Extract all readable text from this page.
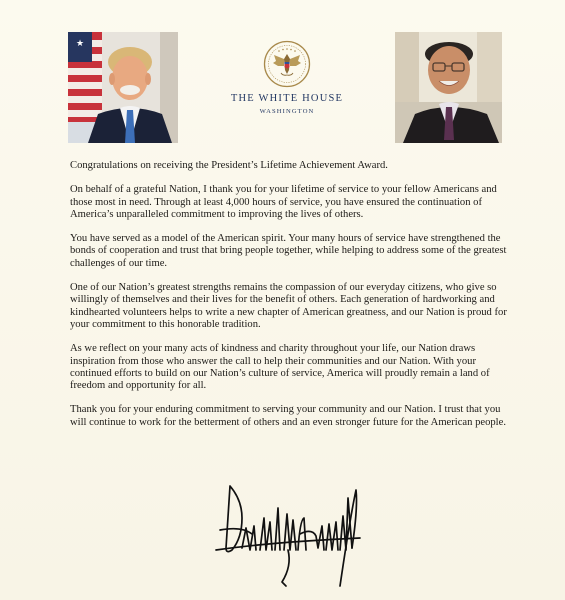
★
THE WHITE HOUSE
WASHINGTON

Congratulations on receiving the President’s Lifetime Achievement Award.

On behalf of a grateful Nation, I thank you for your lifetime of service to your fellow Americans and those most in need. Through at least 4,000 hours of service, you have ensured the continuation of America’s unparalleled commitment to improving the lives of others.

You have served as a model of the American spirit. Your many hours of service have strengthened the bonds of cooperation and trust that bring people together, while helping to address some of the greatest challenges of our time.

One of our Nation’s greatest strengths remains the compassion of our everyday citizens, who give so willingly of themselves and their lives for the benefit of others. Each generation of hardworking and kindhearted volunteers helps to write a new chapter of American greatness, and our Nation is proud for your commitment to this honorable tradition.

As we reflect on your many acts of kindness and charity throughout your life, our Nation draws inspiration from those who answer the call to help their communities and our Nation. With your continued efforts to build on our Nation’s culture of service, America will proudly remain a land of freedom and opportunity for all.

Thank you for your enduring commitment to serving your community and our Nation. I trust that you will continue to work for the betterment of others and an even stronger future for the American people.
